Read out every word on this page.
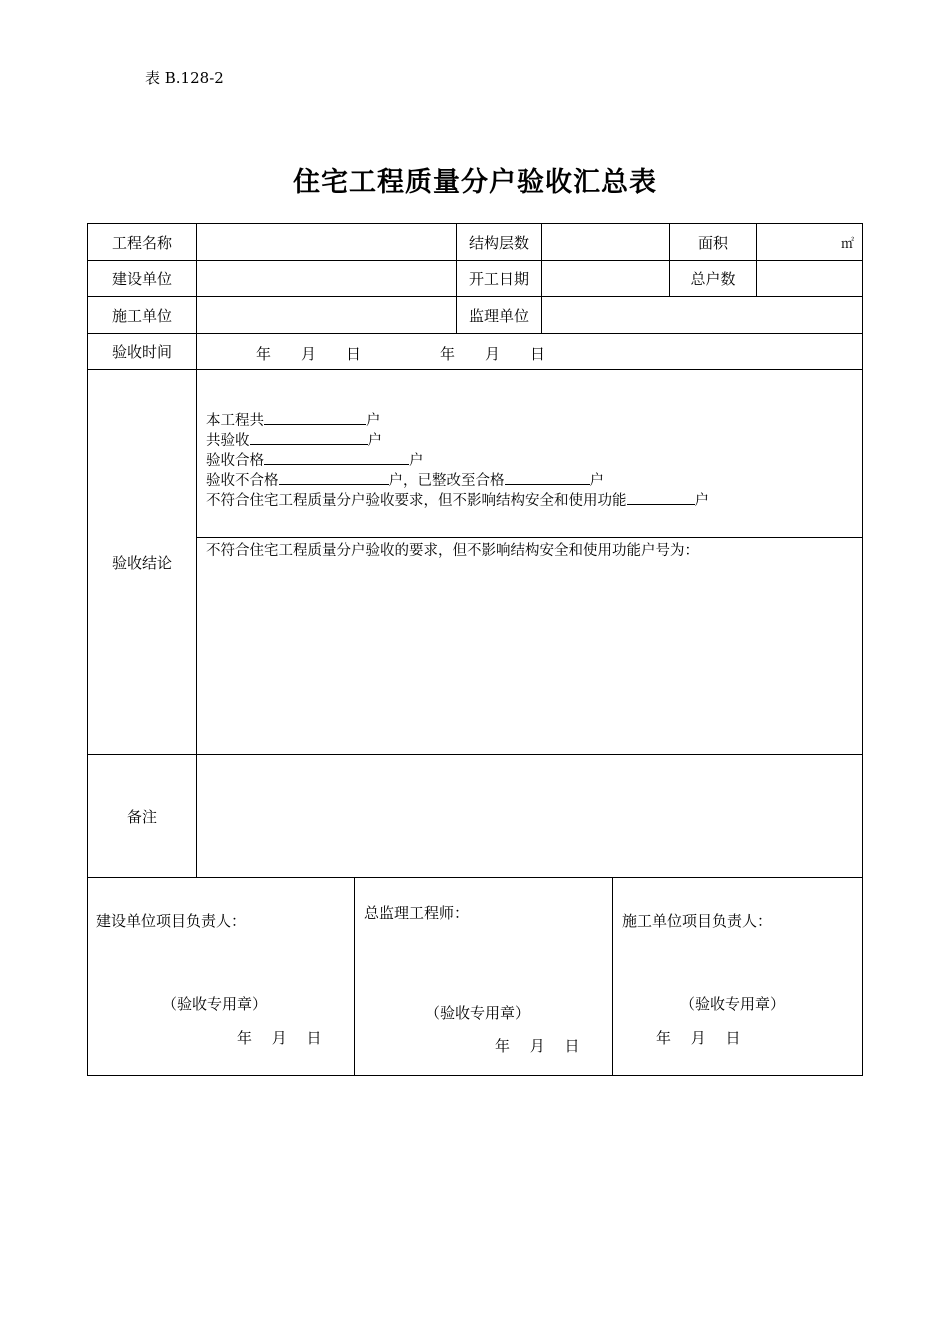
表 B.128-2
住宅工程质量分户验收汇总表
工程名称	结构层数	面积	㎡
建设单位	开工日期	总户数
施工单位	监理单位
验收时间	年　　月　　日	年　　月　　日
验收结论
本工程共	户
共验收	户
验收合格	户
验收不合格	户，已整改至合格	户
不符合住宅工程质量分户验收要求，但不影响结构安全和使用功能	户
不符合住宅工程质量分户验收的要求，但不影响结构安全和使用功能户号为：
备注
建设单位项目负责人：
（验收专用章）
年　 月　 日
总监理工程师：
（验收专用章）
年　 月　 日
施工单位项目负责人：
（验收专用章）
年　 月　 日
